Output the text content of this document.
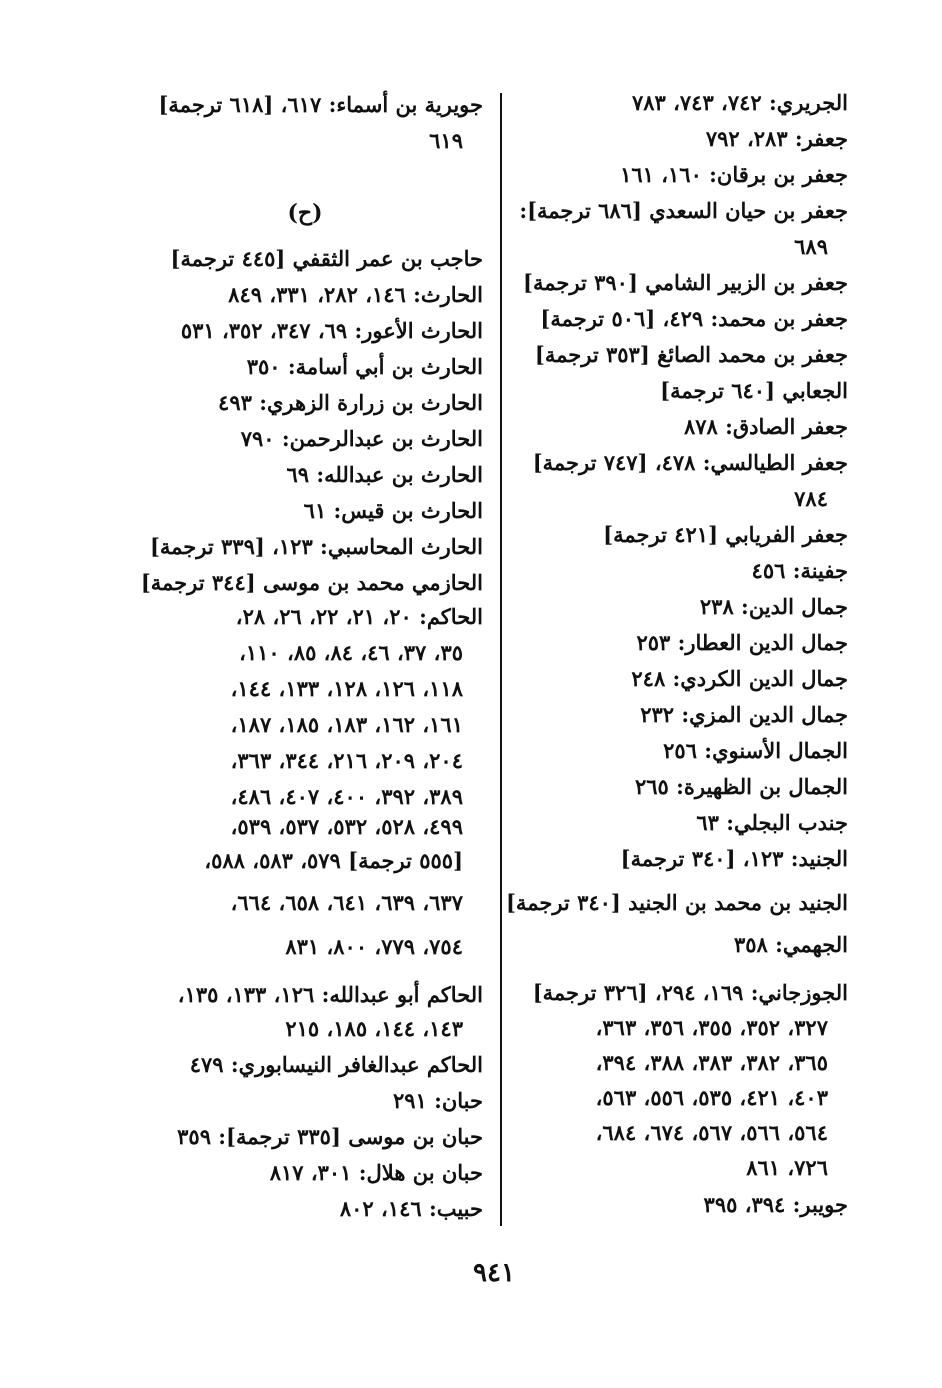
الجريري: ٧٤٢، ٧٤٣، ٧٨٣
جعفر: ٢٨٣، ٧٩٢
جعفر بن برقان: ١٦٠، ١٦١
جعفر بن حيان السعدي [٦٨٦ ترجمة]:
٦٨٩
جعفر بن الزبير الشامي [٣٩٠ ترجمة]
جعفر بن محمد: ٤٢٩، [٥٠٦ ترجمة]
جعفر بن محمد الصائغ [٣٥٣ ترجمة]
الجعابي [٦٤٠ ترجمة]
جعفر الصادق: ٨٧٨
جعفر الطيالسي: ٤٧٨، [٧٤٧ ترجمة]
٧٨٤
جعفر الفريابي [٤٢١ ترجمة]
جفينة: ٤٥٦
جمال الدين: ٢٣٨
جمال الدين العطار: ٢٥٣
جمال الدين الكردي: ٢٤٨
جمال الدين المزي: ٢٣٢
الجمال الأسنوي: ٢٥٦
الجمال بن الظهيرة: ٢٦٥
جندب البجلي: ٦٣
الجنيد: ١٢٣، [٣٤٠ ترجمة]
الجنيد بن محمد بن الجنيد [٣٤٠ ترجمة]
الجهمي: ٣٥٨
الجوزجاني: ١٦٩، ٢٩٤، [٣٢٦ ترجمة]
٣٢٧، ٣٥٢، ٣٥٥، ٣٥٦، ٣٦٣،
٣٦٥، ٣٨٢، ٣٨٣، ٣٨٨، ٣٩٤،
٤٠٣، ٤٢١، ٥٣٥، ٥٥٦، ٥٦٣،
٥٦٤، ٥٦٦، ٥٦٧، ٦٧٤، ٦٨٤،
٧٢٦، ٨٦١
جويبر: ٣٩٤، ٣٩٥
جويرية بن أسماء: ٦١٧، [٦١٨ ترجمة]
٦١٩
حاجب بن عمر الثقفي [٤٤٥ ترجمة]
الحارث: ١٤٦، ٢٨٢، ٣٣١، ٨٤٩
الحارث الأعور: ٦٩، ٣٤٧، ٣٥٢، ٥٣١
الحارث بن أبي أسامة: ٣٥٠
الحارث بن زرارة الزهري: ٤٩٣
الحارث بن عبدالرحمن: ٧٩٠
الحارث بن عبدالله: ٦٩
الحارث بن قيس: ٦١
الحارث المحاسبي: ١٢٣، [٣٣٩ ترجمة]
الحازمي محمد بن موسى [٣٤٤ ترجمة]
الحاكم: ٢٠، ٢١، ٢٢، ٢٦، ٢٨،
٣٥، ٣٧، ٤٦، ٨٤، ٨٥، ١١٠،
١١٨، ١٢٦، ١٢٨، ١٣٣، ١٤٤،
١٦١، ١٦٢، ١٨٣، ١٨٥، ١٨٧،
٢٠٤، ٢٠٩، ٢١٦، ٣٤٤، ٣٦٣،
٣٨٩، ٣٩٢، ٤٠٠، ٤٠٧، ٤٨٦،
٤٩٩، ٥٢٨، ٥٣٢، ٥٣٧، ٥٣٩،
[٥٥٥ ترجمة] ٥٧٩، ٥٨٣، ٥٨٨،
٦٣٧، ٦٣٩، ٦٤١، ٦٥٨، ٦٦٤،
٧٥٤، ٧٧٩، ٨٠٠، ٨٣١
الحاكم أبو عبدالله: ١٢٦، ١٣٣، ١٣٥،
١٤٣، ١٤٤، ١٨٥، ٢١٥
الحاكم عبدالغافر النيسابوري: ٤٧٩
حبان: ٢٩١
حبان بن موسى [٣٣٥ ترجمة]: ٣٥٩
حبان بن هلال: ٣٠١، ٨١٧
حبيب: ١٤٦، ٨٠٢
(ح)
٩٤١
